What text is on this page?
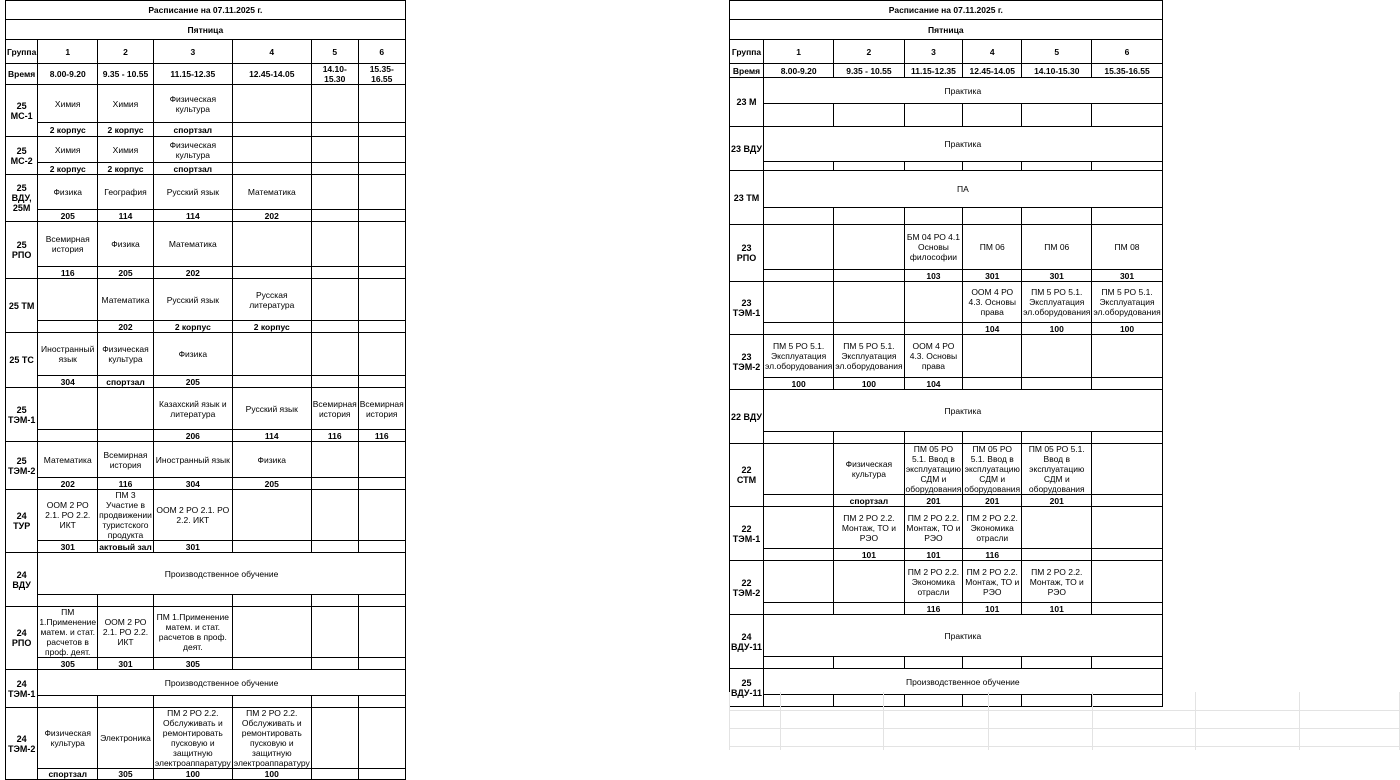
Расписание на 07.11.2025 г.						
Пятница						
Группа	1	2	3	4	5	6
Время	8.00-9.20	9.35 - 10.55	11.15-12.35	12.45-14.05	14.10-15.30	15.35-16.55
25 МС-1	Химия	Химия	Физическая культура			
	2 корпус	2 корпус	спортзал			
25 МС-2	Химия	Химия	Физическая культура			
	2 корпус	2 корпус	спортзал			
25 ВДУ, 25М	Физика	География	Русский язык	Математика		
	205	114	114	202		
25 РПО	Всемирная история	Физика	Математика			
	116	205	202			
25 ТМ		Математика	Русский язык	Русская литература		
		202	2 корпус	2 корпус		
25 ТС	Иностранный язык	Физическая культура	Физика			
	304	спортзал	205			
25 ТЭМ-1			Казахский язык и литература	Русский язык	Всемирная история	Всемирная история
			206	114	116	116
25 ТЭМ-2	Математика	Всемирная история	Иностранный язык	Физика		
	202	116	304	205		
24 ТУР	ООМ 2 РО 2.1. РО 2.2. ИКТ	ПМ 3 Участие в продвижении туристского продукта	ООМ 2 РО 2.1. РО 2.2. ИКТ			
	301	актовый зал	301			
24 ВДУ	Производственное обучение					

24 РПО	ПМ 1.Применение матем. и стат. расчетов в проф. деят.	ООМ 2 РО 2.1. РО 2.2. ИКТ	ПМ 1.Применение матем. и стат. расчетов в проф. деят.			
	305	301	305			
24 ТЭМ-1	Производственное обучение					

24 ТЭМ-2	Физическая культура	Электроника	ПМ 2 РО 2.2. Обслуживать и ремонтировать пусковую и защитную электроаппаратуру	ПМ 2 РО 2.2. Обслуживать и ремонтировать пусковую и защитную электроаппаратуру		
	спортзал	305	100	100		
Расписание на 07.11.2025 г.						
Пятница						
Группа	1	2	3	4	5	6
Время	8.00-9.20	9.35 - 10.55	11.15-12.35	12.45-14.05	14.10-15.30	15.35-16.55
23 М	Практика					

23 ВДУ	Практика					

23 ТМ	ПА					

23 РПО			БМ 04 РО 4.1 Основы философии	ПМ 06	ПМ 06	ПМ 08
			103	301	301	301
23 ТЭМ-1				ООМ 4 РО 4.3. Основы права	ПМ 5 РО 5.1. Эксплуатация эл.оборудования	ПМ 5 РО 5.1. Эксплуатация эл.оборудования
				104	100	100
23 ТЭМ-2	ПМ 5 РО 5.1. Эксплуатация эл.оборудования	ПМ 5 РО 5.1. Эксплуатация эл.оборудования	ООМ 4 РО 4.3. Основы права			
	100	100	104			
22 ВДУ	Практика					

22 СТМ		Физическая культура	ПМ 05 РО 5.1. Ввод в эксплуатацию СДМ и оборудования	ПМ 05 РО 5.1. Ввод в эксплуатацию СДМ и оборудования	ПМ 05 РО 5.1. Ввод в эксплуатацию СДМ и оборудования	
		спортзал	201	201	201	
22 ТЭМ-1		ПМ 2 РО 2.2. Монтаж, ТО и РЭО	ПМ 2 РО 2.2. Монтаж, ТО и РЭО	ПМ 2 РО 2.2. Экономика отрасли		
		101	101	116		
22 ТЭМ-2			ПМ 2 РО 2.2. Экономика отрасли	ПМ 2 РО 2.2. Монтаж, ТО и РЭО	ПМ 2 РО 2.2. Монтаж, ТО и РЭО	
			116	101	101	
24 ВДУ-11	Практика					

25 ВДУ-11	Производственное обучение					
